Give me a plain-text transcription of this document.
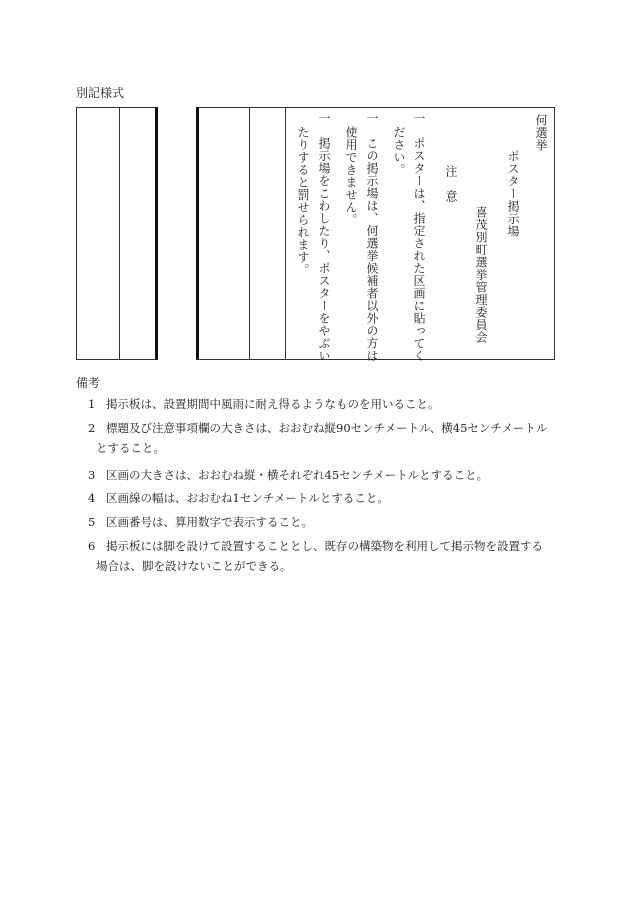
別記様式
何選挙
ポスター掲示場
喜茂別町選挙管理委員会
注　意
一　ポスターは、指定された区画に貼ってく
ださい。
一　この掲示場は、何選挙候補者以外の方は
使用できません。
一　掲示場をこわしたり、ポスターをやぶい
たりすると罰せられます。
備考
1 掲示板は、設置期間中風雨に耐え得るようなものを用いること。
2 標題及び注意事項欄の大きさは、おおむね縦90センチメートル、横45センチメートル
とすること。
3 区画の大きさは、おおむね縦・横それぞれ45センチメートルとすること。
4 区画線の幅は、おおむね1センチメートルとすること。
5 区画番号は、算用数字で表示すること。
6 掲示板には脚を設けて設置することとし、既存の構築物を利用して掲示物を設置する
場合は、脚を設けないことができる。
